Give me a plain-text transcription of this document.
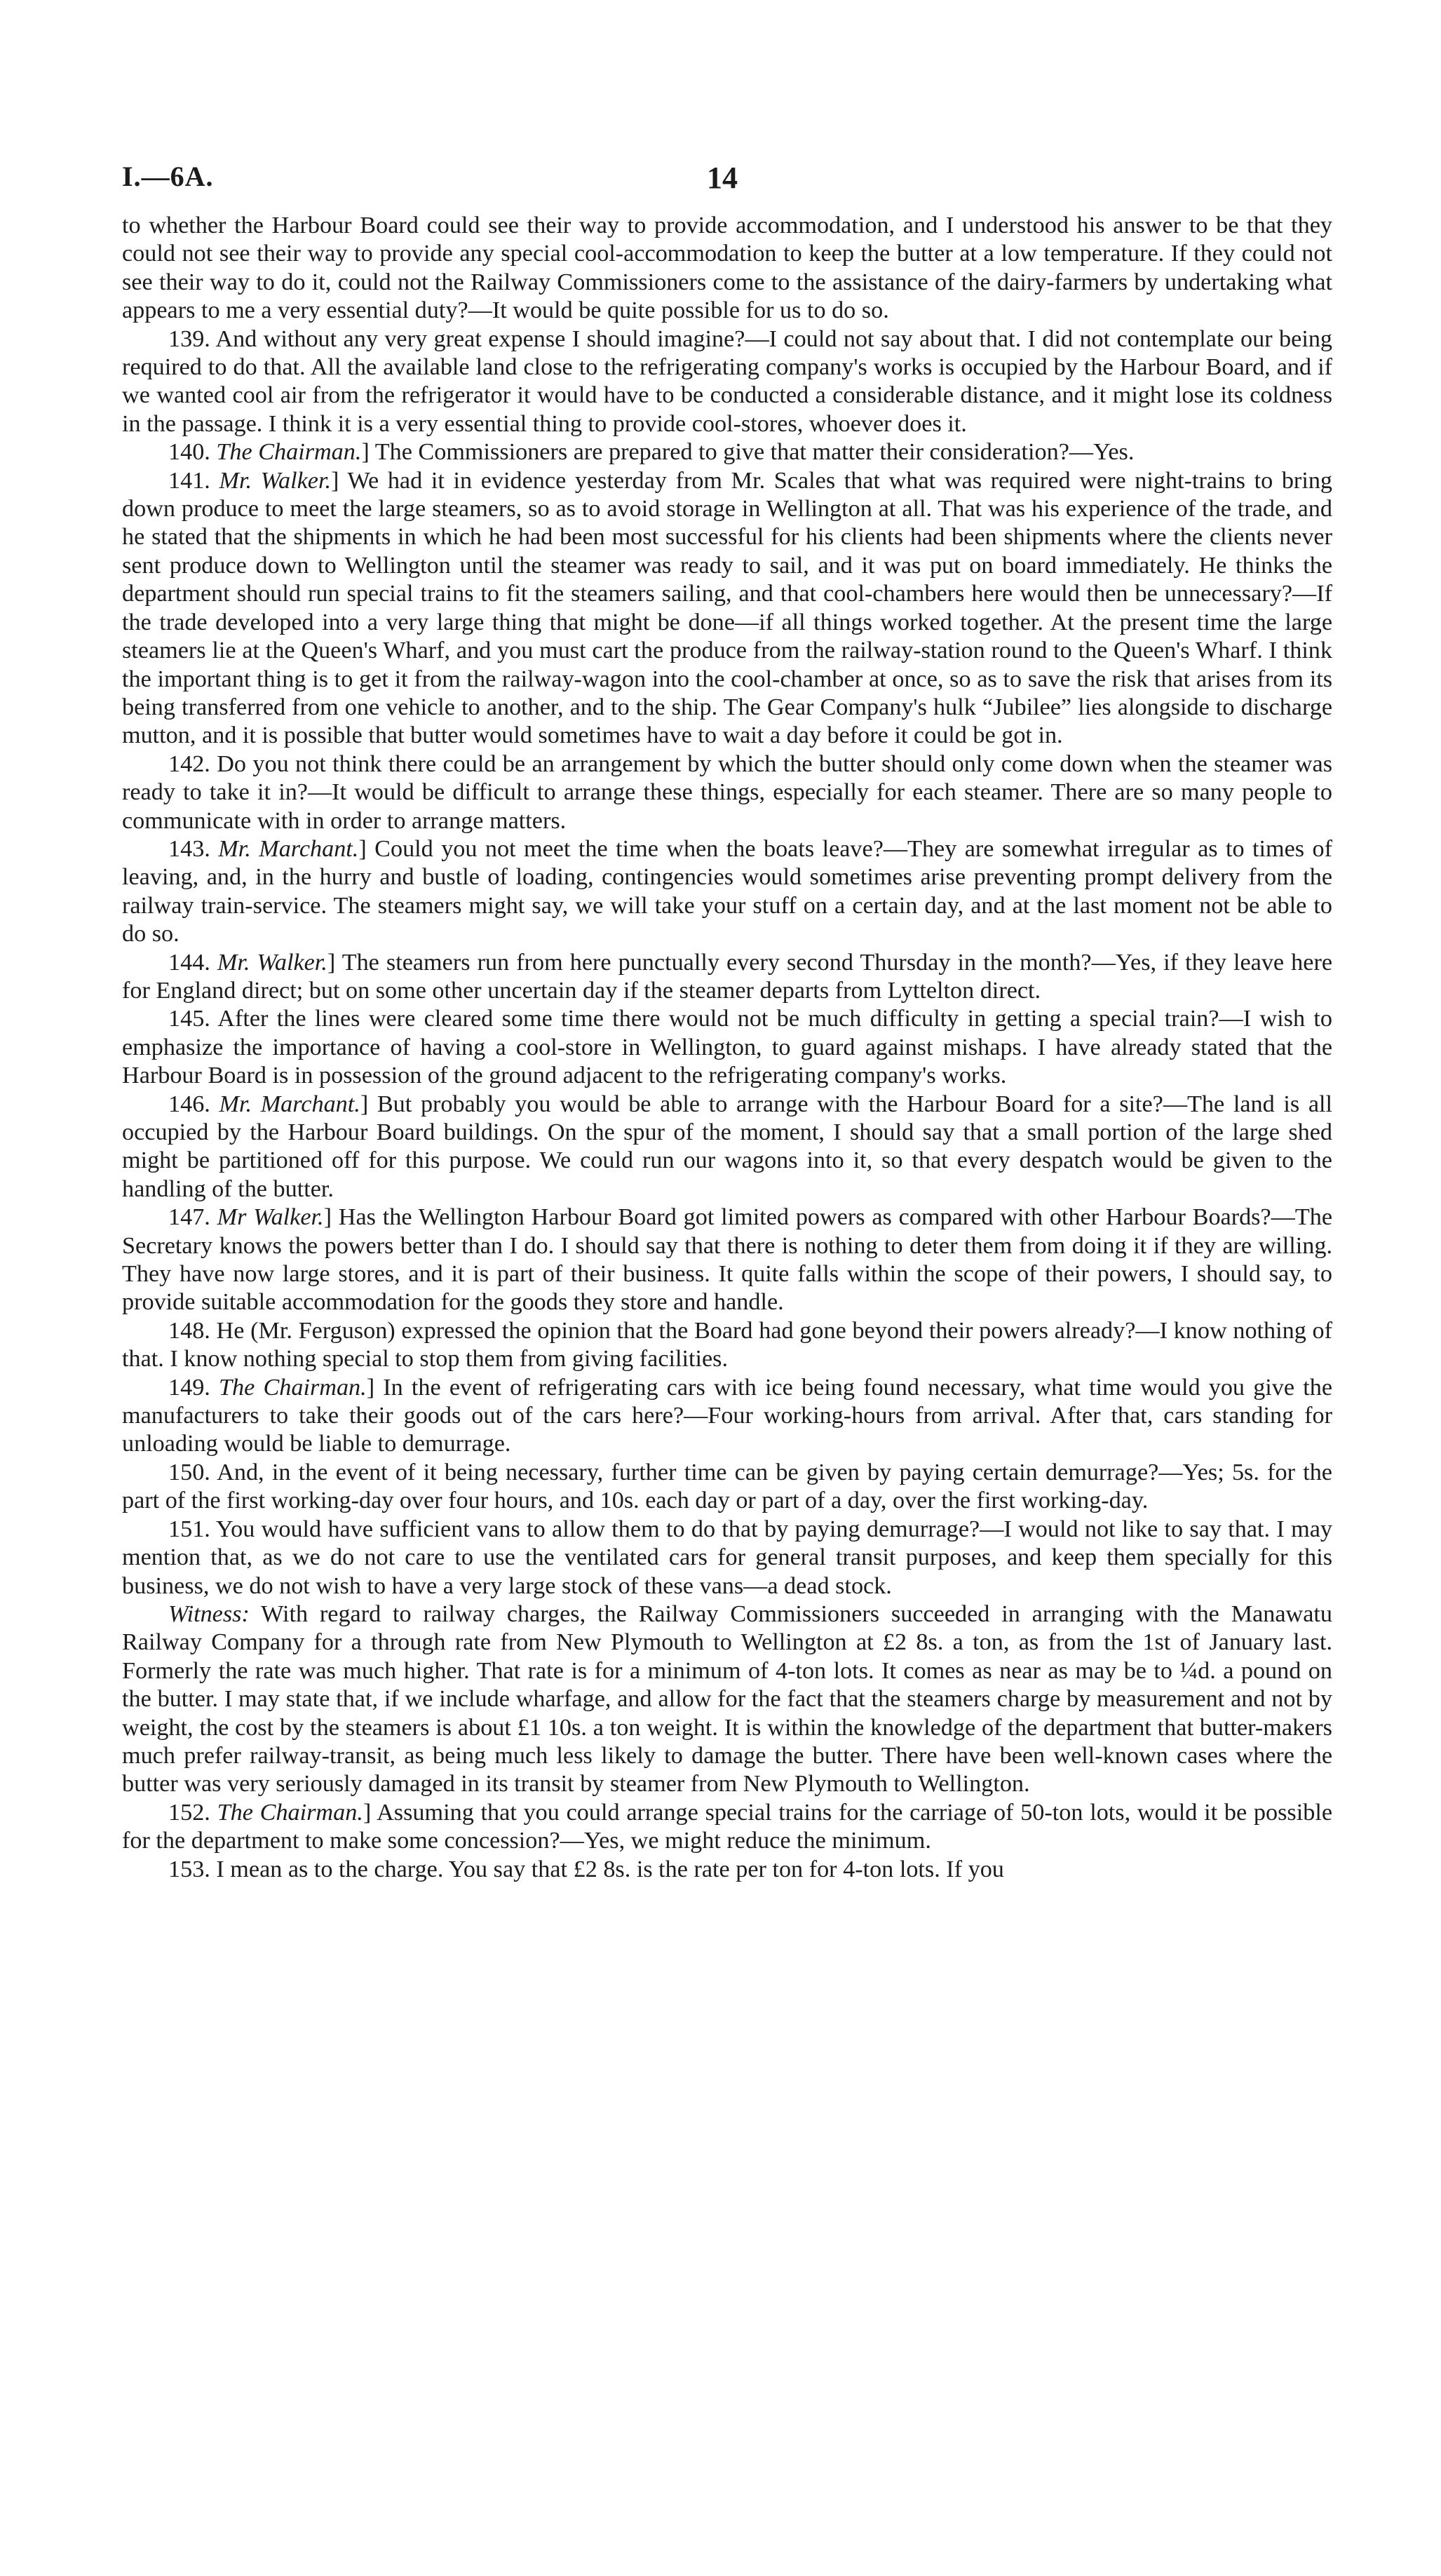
I.—6A.	14

to whether the Harbour Board could see their way to provide accommodation, and I understood his answer to be that they could not see their way to provide any special cool-accommodation to keep the butter at a low temperature. If they could not see their way to do it, could not the Railway Commissioners come to the assistance of the dairy-farmers by undertaking what appears to me a very essential duty?—It would be quite possible for us to do so.

139. And without any very great expense I should imagine?—I could not say about that. I did not contemplate our being required to do that. All the available land close to the refrigerating company's works is occupied by the Harbour Board, and if we wanted cool air from the refrigerator it would have to be conducted a considerable distance, and it might lose its coldness in the passage. I think it is a very essential thing to provide cool-stores, whoever does it.

140. The Chairman.] The Commissioners are prepared to give that matter their consideration?—Yes.

141. Mr. Walker.] We had it in evidence yesterday from Mr. Scales that what was required were night-trains to bring down produce to meet the large steamers, so as to avoid storage in Wellington at all. That was his experience of the trade, and he stated that the shipments in which he had been most successful for his clients had been shipments where the clients never sent produce down to Wellington until the steamer was ready to sail, and it was put on board immediately. He thinks the department should run special trains to fit the steamers sailing, and that cool-chambers here would then be unnecessary?—If the trade developed into a very large thing that might be done—if all things worked together. At the present time the large steamers lie at the Queen's Wharf, and you must cart the produce from the railway-station round to the Queen's Wharf. I think the important thing is to get it from the railway-wagon into the cool-chamber at once, so as to save the risk that arises from its being transferred from one vehicle to another, and to the ship. The Gear Company's hulk “Jubilee” lies alongside to discharge mutton, and it is possible that butter would sometimes have to wait a day before it could be got in.

142. Do you not think there could be an arrangement by which the butter should only come down when the steamer was ready to take it in?—It would be difficult to arrange these things, especially for each steamer. There are so many people to communicate with in order to arrange matters.

143. Mr. Marchant.] Could you not meet the time when the boats leave?—They are somewhat irregular as to times of leaving, and, in the hurry and bustle of loading, contingencies would sometimes arise preventing prompt delivery from the railway train-service. The steamers might say, we will take your stuff on a certain day, and at the last moment not be able to do so.

144. Mr. Walker.] The steamers run from here punctually every second Thursday in the month?—Yes, if they leave here for England direct; but on some other uncertain day if the steamer departs from Lyttelton direct.

145. After the lines were cleared some time there would not be much difficulty in getting a special train?—I wish to emphasize the importance of having a cool-store in Wellington, to guard against mishaps. I have already stated that the Harbour Board is in possession of the ground adjacent to the refrigerating company's works.

146. Mr. Marchant.] But probably you would be able to arrange with the Harbour Board for a site?—The land is all occupied by the Harbour Board buildings. On the spur of the moment, I should say that a small portion of the large shed might be partitioned off for this purpose. We could run our wagons into it, so that every despatch would be given to the handling of the butter.

147. Mr Walker.] Has the Wellington Harbour Board got limited powers as compared with other Harbour Boards?—The Secretary knows the powers better than I do. I should say that there is nothing to deter them from doing it if they are willing. They have now large stores, and it is part of their business. It quite falls within the scope of their powers, I should say, to provide suitable accommodation for the goods they store and handle.

148. He (Mr. Ferguson) expressed the opinion that the Board had gone beyond their powers already?—I know nothing of that. I know nothing special to stop them from giving facilities.

149. The Chairman.] In the event of refrigerating cars with ice being found necessary, what time would you give the manufacturers to take their goods out of the cars here?—Four working-hours from arrival. After that, cars standing for unloading would be liable to demurrage.

150. And, in the event of it being necessary, further time can be given by paying certain demurrage?—Yes; 5s. for the part of the first working-day over four hours, and 10s. each day or part of a day, over the first working-day.

151. You would have sufficient vans to allow them to do that by paying demurrage?—I would not like to say that. I may mention that, as we do not care to use the ventilated cars for general transit purposes, and keep them specially for this business, we do not wish to have a very large stock of these vans—a dead stock.

Witness: With regard to railway charges, the Railway Commissioners succeeded in arranging with the Manawatu Railway Company for a through rate from New Plymouth to Wellington at £2 8s. a ton, as from the 1st of January last. Formerly the rate was much higher. That rate is for a minimum of 4-ton lots. It comes as near as may be to ¼d. a pound on the butter. I may state that, if we include wharfage, and allow for the fact that the steamers charge by measurement and not by weight, the cost by the steamers is about £1 10s. a ton weight. It is within the knowledge of the department that butter-makers much prefer railway-transit, as being much less likely to damage the butter. There have been well-known cases where the butter was very seriously damaged in its transit by steamer from New Plymouth to Wellington.

152. The Chairman.] Assuming that you could arrange special trains for the carriage of 50-ton lots, would it be possible for the department to make some concession?—Yes, we might reduce the minimum.

153. I mean as to the charge. You say that £2 8s. is the rate per ton for 4-ton lots. If you
